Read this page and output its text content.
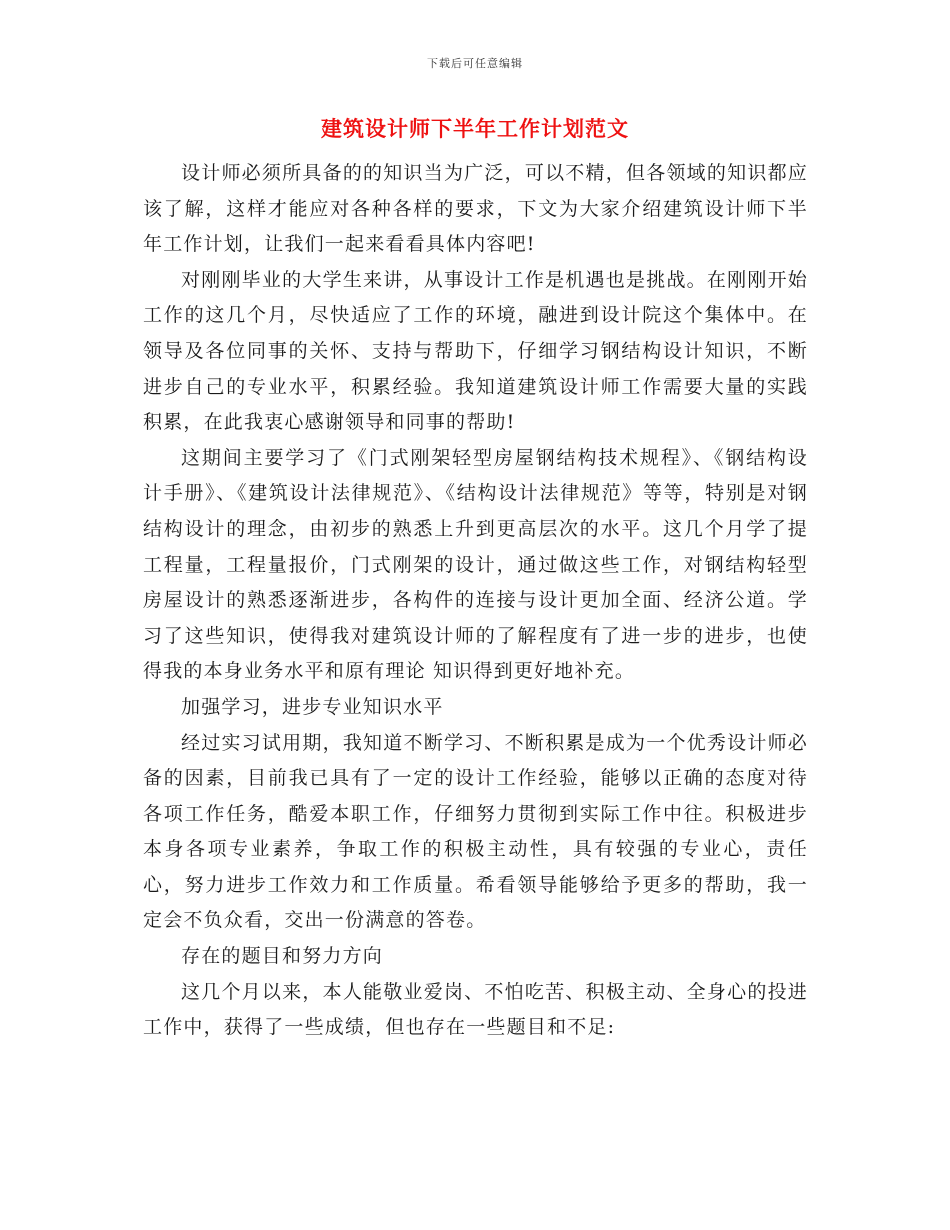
下载后可任意编辑
建筑设计师下半年工作计划范文

设计师必须所具备的的知识当为广泛，可以不精，但各领域的知识都应该了解，这样才能应对各种各样的要求，下文为大家介绍建筑设计师下半年工作计划，让我们一起来看看具体内容吧!

对刚刚毕业的大学生来讲，从事设计工作是机遇也是挑战。在刚刚开始工作的这几个月，尽快适应了工作的环境，融进到设计院这个集体中。在领导及各位同事的关怀、支持与帮助下，仔细学习钢结构设计知识，不断进步自己的专业水平，积累经验。我知道建筑设计师工作需要大量的实践积累，在此我衷心感谢领导和同事的帮助!

这期间主要学习了《门式刚架轻型房屋钢结构技术规程》、《钢结构设计手册》、《建筑设计法律规范》、《结构设计法律规范》等等，特别是对钢结构设计的理念，由初步的熟悉上升到更高层次的水平。这几个月学了提工程量，工程量报价，门式刚架的设计，通过做这些工作，对钢结构轻型房屋设计的熟悉逐渐进步，各构件的连接与设计更加全面、经济公道。学习了这些知识，使得我对建筑设计师的了解程度有了进一步的进步，也使得我的本身业务水平和原有理论 知识得到更好地补充。

加强学习，进步专业知识水平

经过实习试用期，我知道不断学习、不断积累是成为一个优秀设计师必备的因素，目前我已具有了一定的设计工作经验，能够以正确的态度对待各项工作任务，酷爱本职工作，仔细努力贯彻到实际工作中往。积极进步本身各项专业素养，争取工作的积极主动性，具有较强的专业心，责任心，努力进步工作效力和工作质量。希看领导能够给予更多的帮助，我一定会不负众看，交出一份满意的答卷。

存在的题目和努力方向

这几个月以来，本人能敬业爱岗、不怕吃苦、积极主动、全身心的投进工作中，获得了一些成绩，但也存在一些题目和不足:
